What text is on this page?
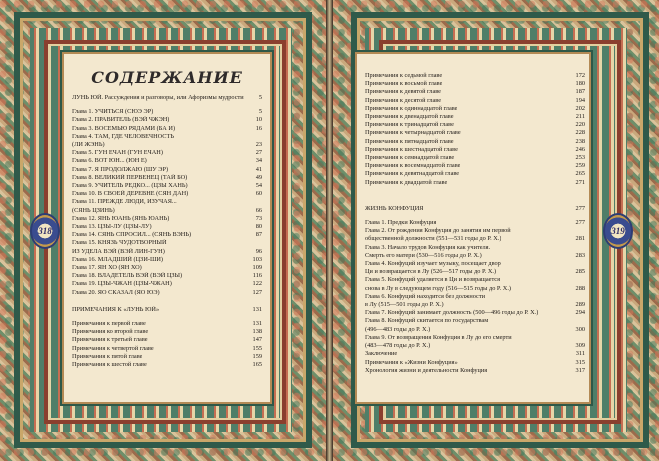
СОДЕРЖАНИЕ
ЛУНЬ ЮЙ. Рассуждения и разговоры, или Афоризмы мудрости	5
Глава 1. УЧИТЬСЯ (СЮЭ ЭР)	5
Глава 2. ПРАВИТЕЛЬ (ВЭЙ ЧЖЭН)	10
Глава 3. ВОСЕМЬЮ РЯДАМИ (БА И)	16
Глава 4. ТАМ, ГДЕ ЧЕЛОВЕЧНОСТЬ
(ЛИ ЖЭНЬ)	23
Глава 5. ГУН ЕЧАН (ГУН ЕЧАН)	27
Глава 6. ВОТ ЮН... (ЮН Е)	34
Глава 7. Я ПРОДОЛЖАЮ (ШУ ЭР)	41
Глава 8. ВЕЛИКИЙ ПЕРВЕНЕЦ (ТАЙ БО)	49
Глава 9. УЧИТЕЛЬ РЕДКО... (ЦЗЫ ХАНЬ)	54
Глава 10. В СВОЕЙ ДЕРЕВНЕ (СЯН ДАН)	60
Глава 11. ПРЕЖДЕ ЛЮДИ, ИЗУЧАЯ...
(СЯНЬ ЦЗИНЬ)	66
Глава 12. ЯНЬ ЮАНЬ (ЯНЬ ЮАНЬ)	73
Глава 13. ЦЗЫ-ЛУ (ЦЗЫ-ЛУ)	80
Глава 14. СЯНЬ СПРОСИЛ... (СЯНЬ ВЭНЬ)	87
Глава 15. КНЯЗЬ ЧУДОТВОРНЫЙ
ИЗ УДЕЛА ВЭЙ (ВЭЙ ЛИН-ГУН)	96
Глава 16. МЛАДШИЙ (ЦЗИ-ШИ)	103
Глава 17. ЯН ХО (ЯН ХО)	109
Глава 18. ВЛАДЕТЕЛЬ ВЭЙ (ВЭЙ ЦЗЫ)	116
Глава 19. ЦЗЫ-ЧЖАН (ЦЗЫ-ЧЖАН)	122
Глава 20. ЯО СКАЗАЛ (ЯО ЮЭ)	127
ПРИМЕЧАНИЯ К «ЛУНЬ ЮЙ»	131
Примечания к первой главе	131
Примечания ко второй главе	138
Примечания к третьей главе	147
Примечания к четвертой главе	155
Примечания к пятой главе	159
Примечания к шестой главе	165
318
Примечания к седьмой главе	172
Примечания к восьмой главе	180
Примечания к девятой главе	187
Примечания к десятой главе	194
Примечания к одиннадцатой главе	202
Примечания к двенадцатой главе	211
Примечания к тринадцатой главе	220
Примечания к четырнадцатой главе	228
Примечания к пятнадцатой главе	238
Примечания к шестнадцатой главе	246
Примечания к семнадцатой главе	253
Примечания к восемнадцатой главе	259
Примечания к девятнадцатой главе	265
Примечания к двадцатой главе	271
ЖИЗНЬ КОНФУЦИЯ	277
Глава 1. Предки Конфуция	277
Глава 2. От рождения Конфуция до занятия им первой
общественной должности (551—531 годы до Р. Х.)	281
Глава 3. Начало трудов Конфуция как учителя.
Смерть его матери (530—516 годы до Р. Х.)	283
Глава 4. Конфуций изучает музыку, посещает двор
Ци и возвращается в Лу (526—517 годы до Р. Х.)	285
Глава 5. Конфуций удаляется в Ци и возвращается
снова в Лу в следующем году (516—515 годы до Р. Х.)	288
Глава 6. Конфуций находится без должности
в Лу (515—501 годы до Р. Х.)	289
Глава 7. Конфуций занимает должность (500—496 годы до Р. Х.)	294
Глава 8. Конфуций скитается по государствам
(496—483 годы до Р. Х.)	300
Глава 9. От возвращения Конфуция в Лу до его смерти
(483—478 годы до Р. Х.)	309
Заключение	311
Примечания к «Жизни Конфуция»	315
Хронология жизни и деятельности Конфуция	317
319
